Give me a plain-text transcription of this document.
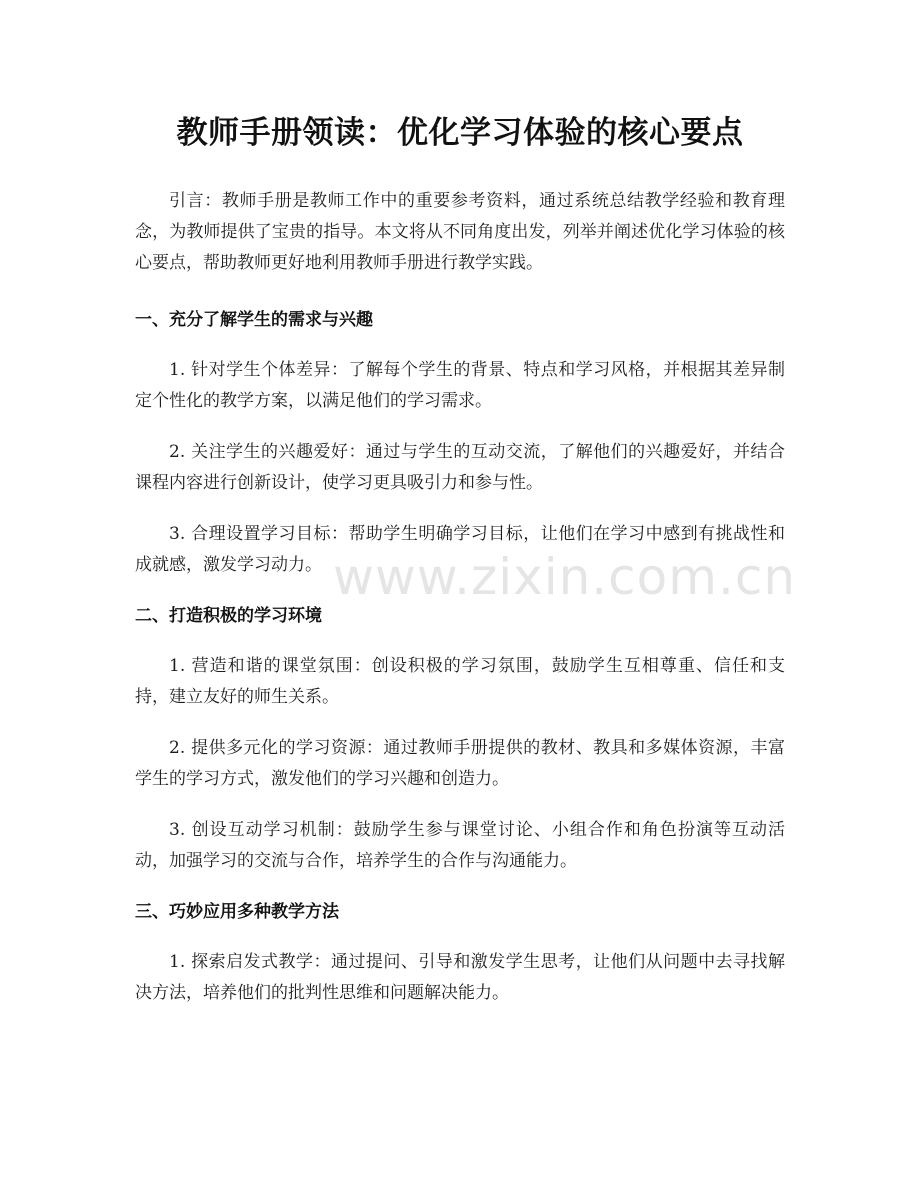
教师手册领读：优化学习体验的核心要点

引言：教师手册是教师工作中的重要参考资料，通过系统总结教学经验和教育理念，为教师提供了宝贵的指导。本文将从不同角度出发，列举并阐述优化学习体验的核心要点，帮助教师更好地利用教师手册进行教学实践。

一、充分了解学生的需求与兴趣

1. 针对学生个体差异：了解每个学生的背景、特点和学习风格，并根据其差异制定个性化的教学方案，以满足他们的学习需求。

2. 关注学生的兴趣爱好：通过与学生的互动交流，了解他们的兴趣爱好，并结合课程内容进行创新设计，使学习更具吸引力和参与性。

3. 合理设置学习目标：帮助学生明确学习目标，让他们在学习中感到有挑战性和成就感，激发学习动力。

二、打造积极的学习环境

1. 营造和谐的课堂氛围：创设积极的学习氛围，鼓励学生互相尊重、信任和支持，建立友好的师生关系。

2. 提供多元化的学习资源：通过教师手册提供的教材、教具和多媒体资源，丰富学生的学习方式，激发他们的学习兴趣和创造力。

3. 创设互动学习机制：鼓励学生参与课堂讨论、小组合作和角色扮演等互动活动，加强学习的交流与合作，培养学生的合作与沟通能力。

三、巧妙应用多种教学方法

1. 探索启发式教学：通过提问、引导和激发学生思考，让他们从问题中去寻找解决方法，培养他们的批判性思维和问题解决能力。

www.zixin.com.cn
